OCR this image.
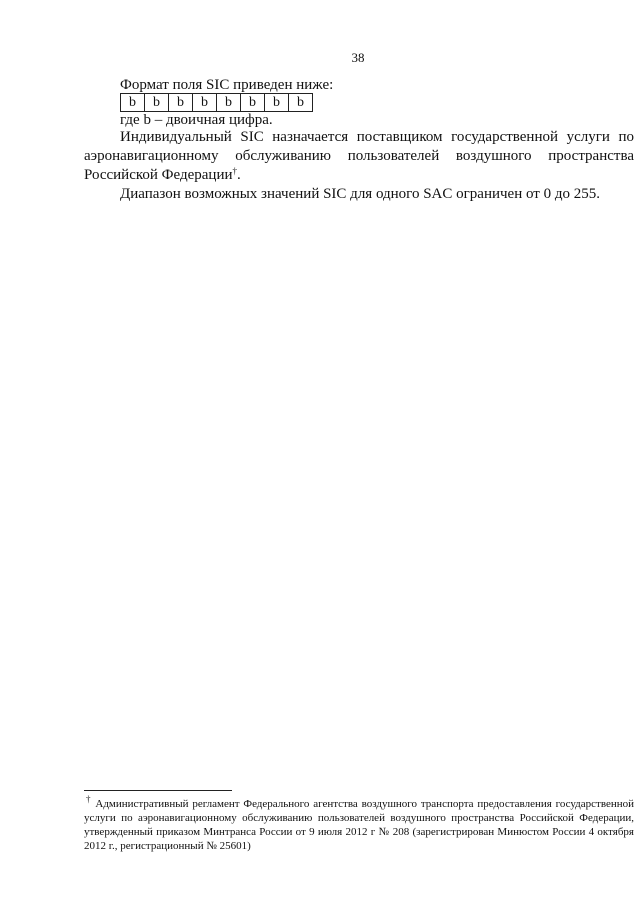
38

Формат поля SIC приведен ниже:

b	b	b	b	b	b	b	b

где b – двоичная цифра.

Индивидуальный SIC назначается поставщиком государственной услуги по аэронавигационному обслуживанию пользователей воздушного пространства Российской Федерации†.

Диапазон возможных значений SIC для одного SAC ограничен от 0 до 255.

† Административный регламент Федерального агентства воздушного транспорта предоставления государственной услуги по аэронавигационному обслуживанию пользователей воздушного пространства Российской Федерации, утвержденный приказом Минтранса России от 9 июля 2012 г № 208 (зарегистрирован Минюстом России 4 октября 2012 г., регистрационный № 25601)
